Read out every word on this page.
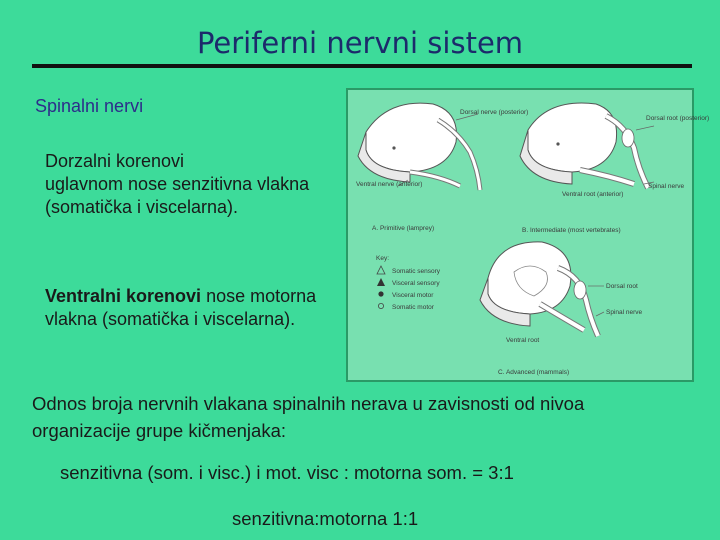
Periferni nervni sistem
Spinalni nervi
Dorzalni korenovi
uglavnom nose senzitivna vlakna (somatička i viscelarna).
Ventralni korenovi nose motorna vlakna (somatička i viscelarna).
Dorsal nerve (posterior)
Ventral nerve (anterior)
A. Primitive (lamprey)
Dorsal root (posterior)
Spinal nerve
Ventral root (anterior)
B. Intermediate (most vertebrates)
Key:
Somatic sensory
Visceral sensory
Visceral motor
Somatic motor
Dorsal root
Spinal nerve
Ventral root
C. Advanced (mammals)
Odnos broja nervnih vlakana spinalnih nerava u zavisnosti od nivoa organizacije grupe kičmenjaka:
senzitivna (som. i visc.) i mot. visc : motorna som. = 3:1
senzitivna:motorna 1:1
